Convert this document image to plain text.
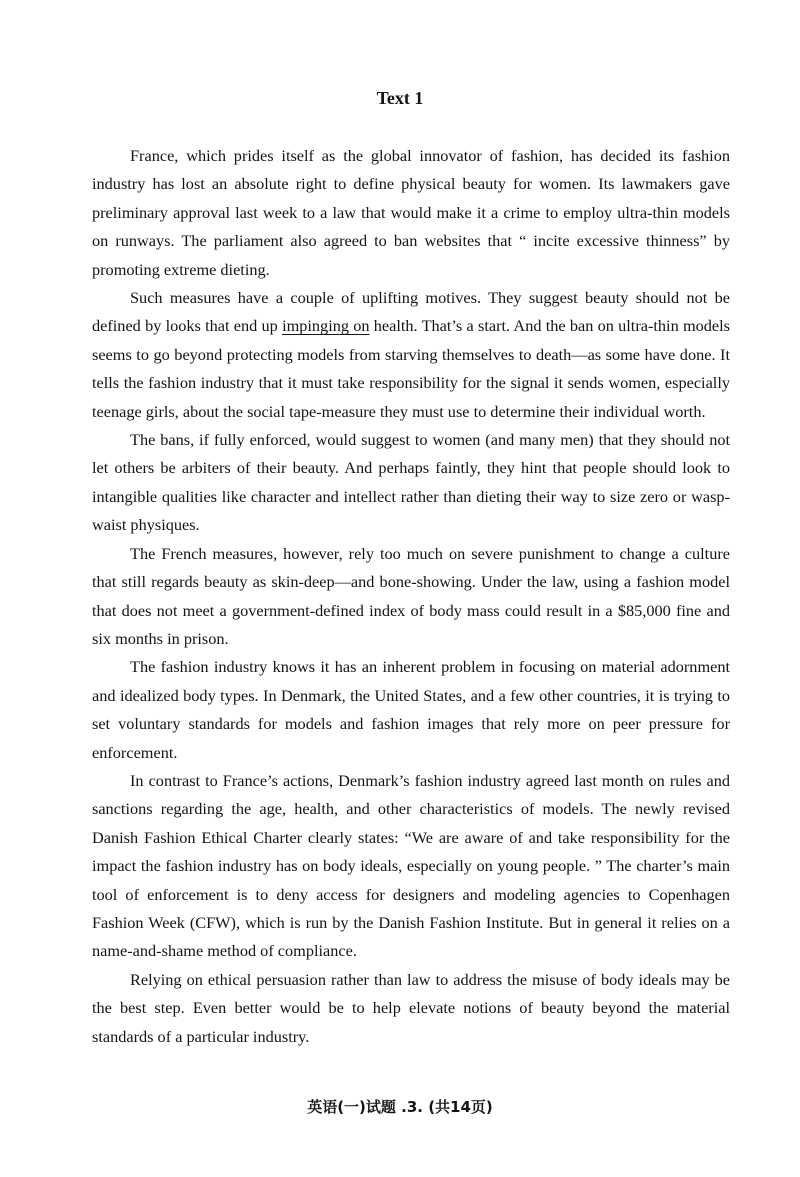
Text 1

France, which prides itself as the global innovator of fashion, has decided its fashion industry has lost an absolute right to define physical beauty for women. Its lawmakers gave preliminary approval last week to a law that would make it a crime to employ ultra-thin models on runways. The parliament also agreed to ban websites that “ incite excessive thinness” by promoting extreme dieting.

Such measures have a couple of uplifting motives. They suggest beauty should not be defined by looks that end up impinging on health. That’s a start. And the ban on ultra-thin models seems to go beyond protecting models from starving themselves to death—as some have done. It tells the fashion industry that it must take responsibility for the signal it sends women, especially teenage girls, about the social tape-measure they must use to determine their individual worth.

The bans, if fully enforced, would suggest to women (and many men) that they should not let others be arbiters of their beauty. And perhaps faintly, they hint that people should look to intangible qualities like character and intellect rather than dieting their way to size zero or wasp-waist physiques.

The French measures, however, rely too much on severe punishment to change a culture that still regards beauty as skin-deep—and bone-showing. Under the law, using a fashion model that does not meet a government-defined index of body mass could result in a $85,000 fine and six months in prison.

The fashion industry knows it has an inherent problem in focusing on material adornment and idealized body types. In Denmark, the United States, and a few other countries, it is trying to set voluntary standards for models and fashion images that rely more on peer pressure for enforcement.

In contrast to France’s actions, Denmark’s fashion industry agreed last month on rules and sanctions regarding the age, health, and other characteristics of models. The newly revised Danish Fashion Ethical Charter clearly states: “We are aware of and take responsibility for the impact the fashion industry has on body ideals, especially on young people. ” The charter’s main tool of enforcement is to deny access for designers and modeling agencies to Copenhagen Fashion Week (CFW), which is run by the Danish Fashion Institute. But in general it relies on a name-and-shame method of compliance.

Relying on ethical persuasion rather than law to address the misuse of body ideals may be the best step. Even better would be to help elevate notions of beauty beyond the material standards of a particular industry.

英语(一)试题 .3. (共14页)
